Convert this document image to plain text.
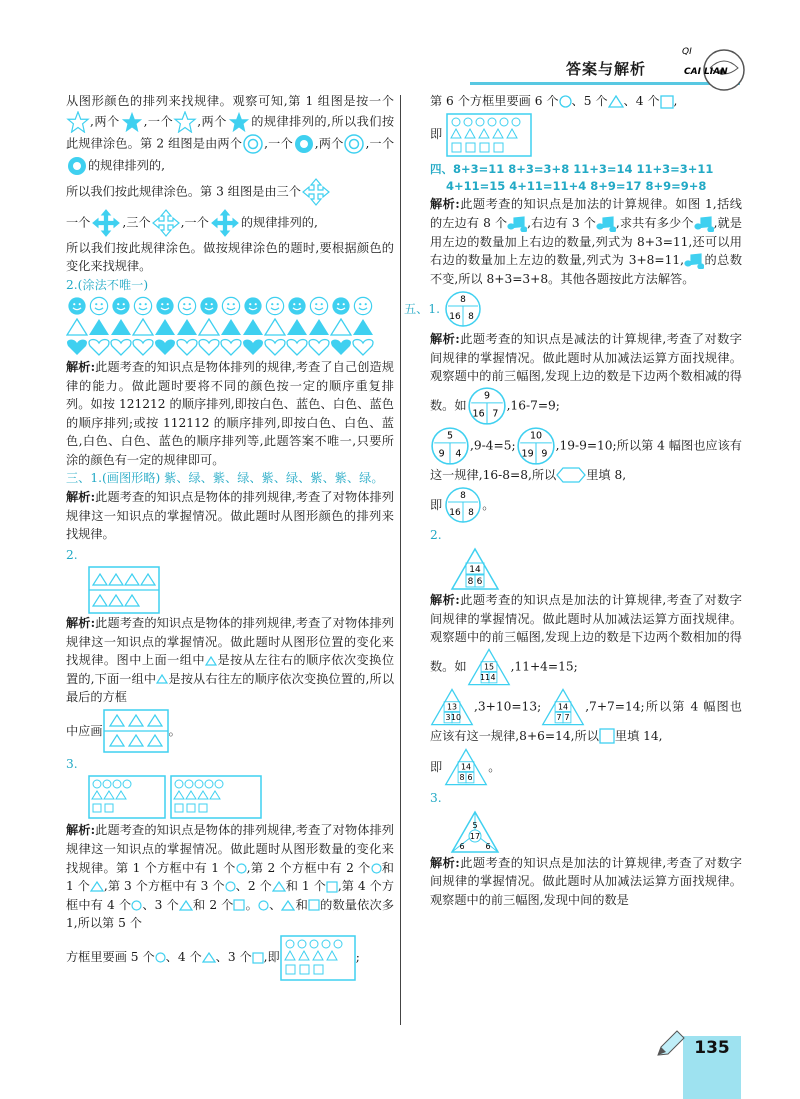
答案与解析
QI
CAI LIAN

从图形颜色的排列来找规律。观察可知,第 1 组图是按一个,两个 ,一个 ,两个 的规律排列的,所以我们按此规律涂色。第 2 组图是由两个 ,一个 ,两个 ,一个的规律排列的,

所以我们按此规律涂色。第 3 组图是由三个

一个	,三个 ,一个	的规律排列的,

所以我们按此规律涂色。做按规律涂色的题时,要根据颜色的变化来找规律。

2.(涂法不唯一)

解析:此题考查的知识点是物体排列的规律,考查了自己创造规律的能力。做此题时要将不同的颜色按一定的顺序重复排列。如按 121212 的顺序排列,即按白色、蓝色、白色、蓝色的顺序排列;或按 112112 的顺序排列,即按白色、白色、蓝色,白色、白色、蓝色的顺序排列等,此题答案不唯一,只要所涂的颜色有一定的规律即可。

三、1.(画图形略) 紫、绿、紫、绿、紫、绿、紫、紫、绿。

解析:此题考查的知识点是物体的排列规律,考查了对物体排列规律这一知识点的掌握情况。做此题时从图形颜色的排列来找规律。

2.

解析:此题考查的知识点是物体的排列规律,考查了对物体排列规律这一知识点的掌握情况。做此题时从图形位置的变化来找规律。图中上面一组中 是按从左往右的顺序依次变换位置的,下面一组中 是按从右往左的顺序依次变换位置的,所以最后的方框

中应画	。
3.

解析:此题考查的知识点是物体的排列规律,考查了对物体排列规律这一知识点的掌握情况。做此题时从图形数量的变化来找规律。第 1 个方框中有 1 个 ,第 2 个方框中有 2 个 和 1 个 ,第 3 个方框中有 3 个 、2 个 和 1 个 ,第 4 个方框中有 4 个 、3 个 和 2 个 。 、 和 的数量依次多 1,所以第 5 个

方框里要画 5 个 、4 个 、3 个 ,即	;

第 6 个方框里要画 6 个 、5 个 、4 个 ,

即

四、8+3=11 8+3=3+8 11+3=14 11+3=3+11

4+11=15 4+11=11+4 8+9=17 8+9=9+8

解析:此题考查的知识点是加法的计算规律。如图 1,括线的左边有 8 个 ,右边有 3 个 ,求共有多少个 ,就是用左边的数量加上右边的数量,列式为 8+3=11,还可以用右边的数量加上左边的数量,列式为 3+8=11, 的总数不变,所以 8+3=3+8。其他各题按此方法解答。

五、1.
8
16 8

解析:此题考查的知识点是减法的计算规律,考查了对数字间规律的掌握情况。做此题时从加减法运算方面找规律。观察题中的前三幅图,发现上边的数是下边两个数相减的得数。如
9
16 7
,16-7=9;

5
9 4
,9-4=5;
10
19 9
,19-9=10;所以第 4 幅图也应该有这一规律,16-8=8,所以 里填 8,

即
8
16 8
。
2.
14
8 6

解析:此题考查的知识点是加法的计算规律,考查了对数字间规律的掌握情况。做此题时从加减法运算方面找规律。观察题中的前三幅图,发现上边的数是下边两个数相加的得数。如 15
11 4
,11+4=15;

13
3 10
,3+10=13; 14
7 7
,7+7=14;所以第 4 幅图也应该有这一规律,8+6=14,所以 里填 14,

即 14
8 6
。
3.
5
17
6	6

解析:此题考查的知识点是加法的计算规律,考查了对数字间规律的掌握情况。做此题时从加减法运算方面找规律。观察题中的前三幅图,发现中间的数是

135
